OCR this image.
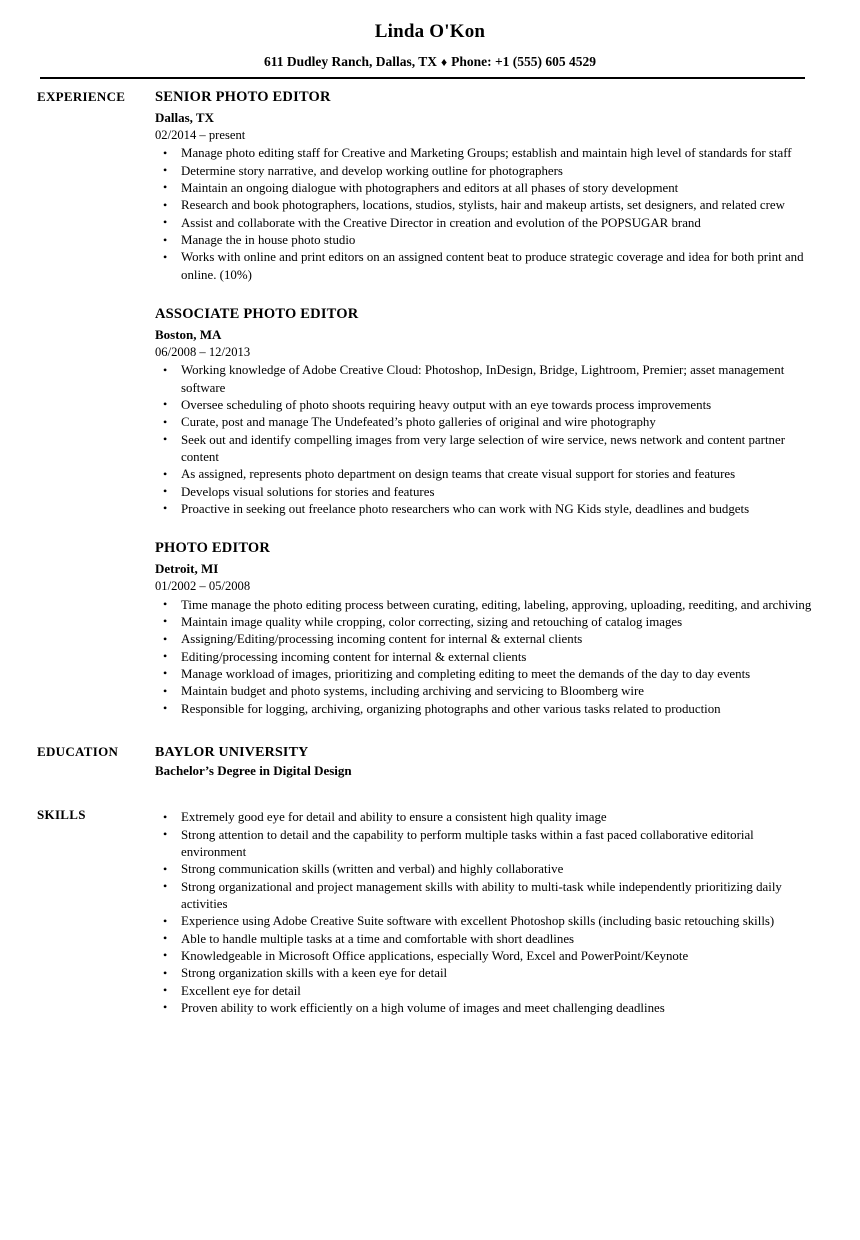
Linda O'Kon
611 Dudley Ranch, Dallas, TX ♦ Phone: +1 (555) 605 4529
EXPERIENCE	SENIOR PHOTO EDITOR
Dallas, TX
02/2014 – present
• Manage photo editing staff for Creative and Marketing Groups; establish and maintain high level of standards for staff
• Determine story narrative, and develop working outline for photographers
• Maintain an ongoing dialogue with photographers and editors at all phases of story development
• Research and book photographers, locations, studios, stylists, hair and makeup artists, set designers, and related crew
• Assist and collaborate with the Creative Director in creation and evolution of the POPSUGAR brand
• Manage the in house photo studio
• Works with online and print editors on an assigned content beat to produce strategic coverage and idea for both print and online. (10%)
ASSOCIATE PHOTO EDITOR
Boston, MA
06/2008 – 12/2013
• Working knowledge of Adobe Creative Cloud: Photoshop, InDesign, Bridge, Lightroom, Premier; asset management software
• Oversee scheduling of photo shoots requiring heavy output with an eye towards process improvements
• Curate, post and manage The Undefeated’s photo galleries of original and wire photography
• Seek out and identify compelling images from very large selection of wire service, news network and content partner content
• As assigned, represents photo department on design teams that create visual support for stories and features
• Develops visual solutions for stories and features
• Proactive in seeking out freelance photo researchers who can work with NG Kids style, deadlines and budgets
PHOTO EDITOR
Detroit, MI
01/2002 – 05/2008
• Time manage the photo editing process between curating, editing, labeling, approving, uploading, reediting, and archiving
• Maintain image quality while cropping, color correcting, sizing and retouching of catalog images
• Assigning/Editing/processing incoming content for internal & external clients
• Editing/processing incoming content for internal & external clients
• Manage workload of images, prioritizing and completing editing to meet the demands of the day to day events
• Maintain budget and photo systems, including archiving and servicing to Bloomberg wire
• Responsible for logging, archiving, organizing photographs and other various tasks related to production
EDUCATION	BAYLOR UNIVERSITY
Bachelor’s Degree in Digital Design
SKILLS	• Extremely good eye for detail and ability to ensure a consistent high quality image
• Strong attention to detail and the capability to perform multiple tasks within a fast paced collaborative editorial environment
• Strong communication skills (written and verbal) and highly collaborative
• Strong organizational and project management skills with ability to multi-task while independently prioritizing daily activities
• Experience using Adobe Creative Suite software with excellent Photoshop skills (including basic retouching skills)
• Able to handle multiple tasks at a time and comfortable with short deadlines
• Knowledgeable in Microsoft Office applications, especially Word, Excel and PowerPoint/Keynote
• Strong organization skills with a keen eye for detail
• Excellent eye for detail
• Proven ability to work efficiently on a high volume of images and meet challenging deadlines
